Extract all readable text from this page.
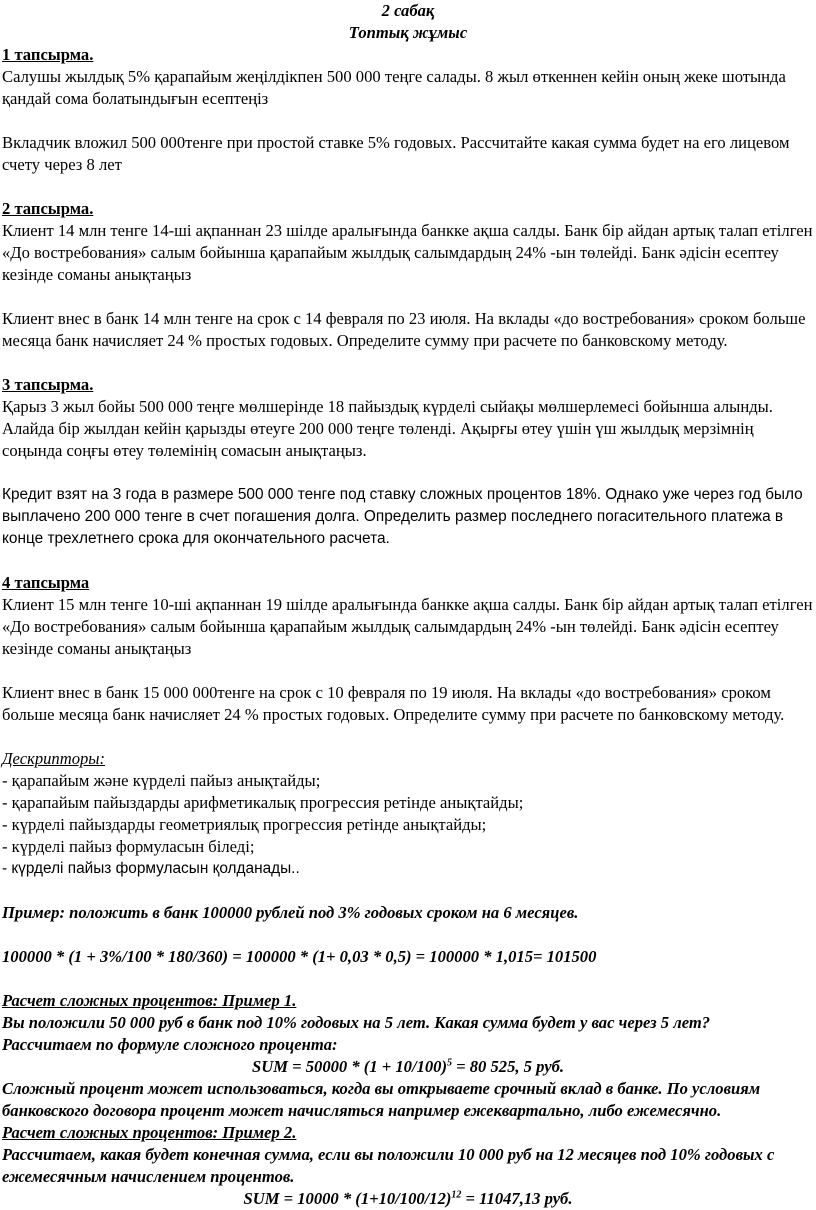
2 сабақ
Топтық жұмыс
1 тапсырма.

Салушы жылдық 5% қарапайым жеңілдікпен 500 000 теңге салады. 8 жыл өткеннен кейін оның жеке шотында қандай сома болатындығын есептеңіз

Вкладчик вложил 500 000тенге при простой ставке 5% годовых. Рассчитайте какая сумма будет на его лицевом счету через 8 лет

2 тапсырма.

Клиент 14 млн тенге 14-ші ақпаннан 23 шілде аралығында банкке ақша салды. Банк бір айдан артық талап етілген «До востребования» салым бойынша қарапайым жылдық салымдардың 24% -ын төлейді. Банк әдісін есептеу кезінде соманы анықтаңыз

Клиент внес в банк 14 млн тенге на срок с 14 февраля по 23 июля. На вклады «до востребования» сроком больше месяца банк начисляет 24 % простых годовых. Определите сумму при расчете по банковскому методу.

3 тапсырма.

Қарыз 3 жыл бойы 500 000 теңге мөлшерінде 18 пайыздық күрделі сыйақы мөлшерлемесі бойынша алынды. Алайда бір жылдан кейін қарызды өтеуге 200 000 теңге төленді. Ақырғы өтеу үшін үш жылдық мерзімнің соңында соңғы өтеу төлемінің сомасын анықтаңыз.

Кредит взят на 3 года в размере 500 000 тенге под ставку сложных процентов 18%. Однако уже через год было выплачено 200 000 тенге в счет погашения долга. Определить размер последнего погасительного платежа в конце трехлетнего срока для окончательного расчета.

4 тапсырма

Клиент 15 млн тенге 10-ші ақпаннан 19 шілде аралығында банкке ақша салды. Банк бір айдан артық талап етілген «До востребования» салым бойынша қарапайым жылдық салымдардың 24% -ын төлейді. Банк әдісін есептеу кезінде соманы анықтаңыз

Клиент внес в банк 15 000 000тенге на срок с 10 февраля по 19 июля. На вклады «до востребования» сроком больше месяца банк начисляет 24 % простых годовых. Определите сумму при расчете по банковскому методу.

Дескрипторы:
- қарапайым және күрделі пайыз анықтайды;
- қарапайым пайыздарды арифметикалық прогрессия ретінде анықтайды;
- күрделі пайыздарды геометриялық прогрессия ретінде анықтайды;
- күрделі пайыз формуласын біледі;
- күрделі пайыз формуласын қолданады..
Пример: положить в банк 100000 рублей под 3% годовых сроком на 6 месяцев.
100000 * (1 + 3%/100 * 180/360) = 100000 * (1+ 0,03 * 0,5) = 100000 * 1,015= 101500
Расчет сложных процентов: Пример 1.
Вы положили 50 000 руб в банк под 10% годовых на 5 лет. Какая сумма будет у вас через 5 лет?
Рассчитаем по формуле сложного процента:
SUM = $50000 * (1 + 10/100)^5 = 80$ 525, 5 руб.
Сложный процент может использоваться, когда вы открываете срочный вклад в банке. По условиям банковского договора процент может начисляться например ежеквартально, либо ежемесячно.
Расчет сложных процентов: Пример 2.
Рассчитаем, какая будет конечная сумма, если вы положили 10 000 руб на 12 месяцев под 10% годовых с ежемесячным начислением процентов.
SUM = $10000 * (1+10/100/12)^{12} = 11047,13$ руб.
